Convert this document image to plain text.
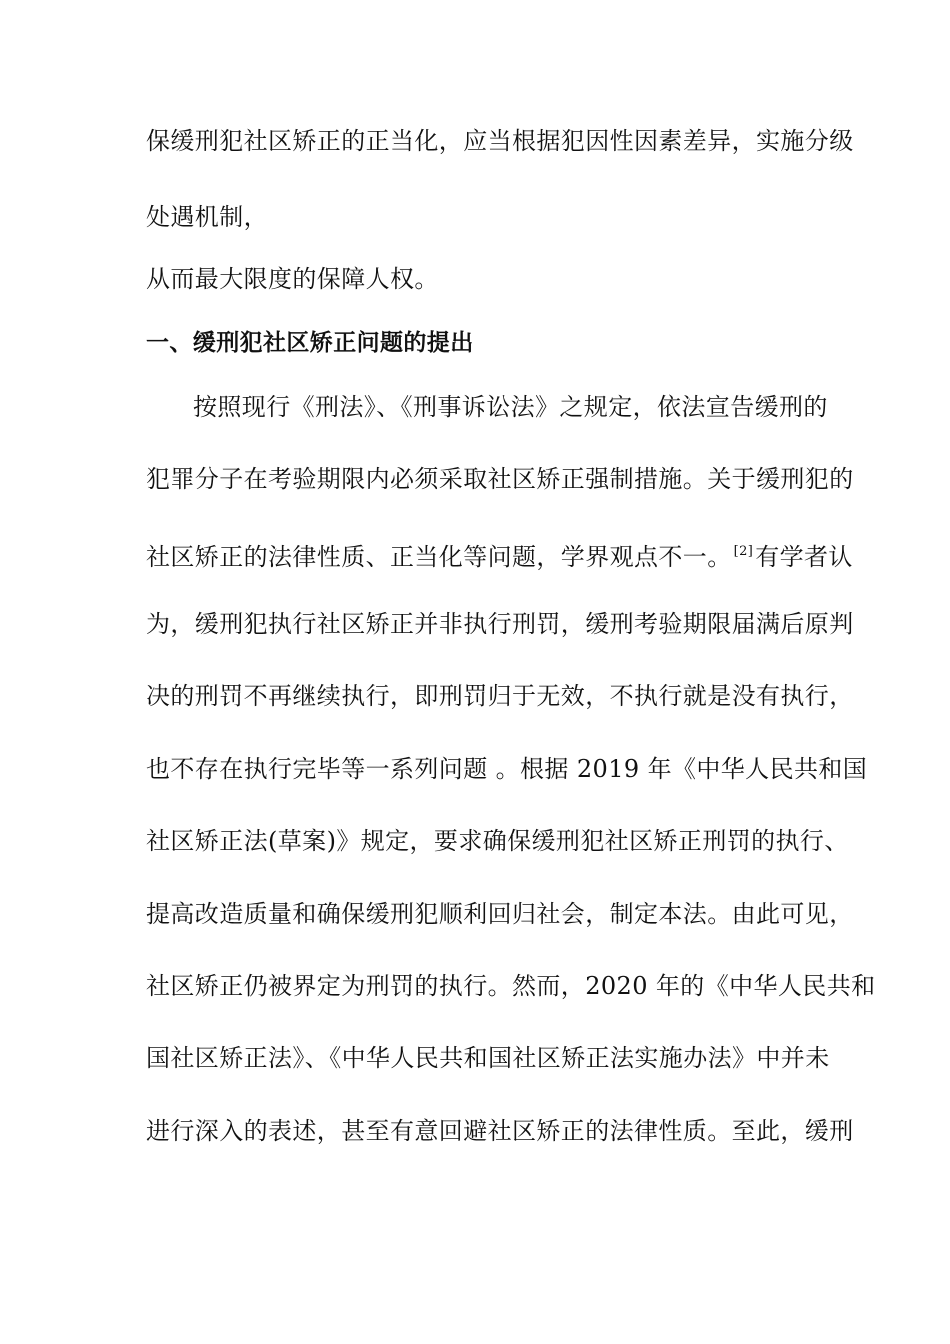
保缓刑犯社区矫正的正当化，应当根据犯因性因素差异，实施分级
处遇机制，
从而最大限度的保障人权。
一、缓刑犯社区矫正问题的提出
按照现行《刑法》、《刑事诉讼法》之规定，依法宣告缓刑的
犯罪分子在考验期限内必须采取社区矫正强制措施。关于缓刑犯的
社区矫正的法律性质、正当化等问题，学界观点不一。 [2]有学者认
为，缓刑犯执行社区矫正并非执行刑罚，缓刑考验期限届满后原判
决的刑罚不再继续执行，即刑罚归于无效，不执行就是没有执行，
也不存在执行完毕等一系列问题 。根据 2019 年《中华人民共和国
社区矫正法(草案)》规定，要求确保缓刑犯社区矫正刑罚的执行、
提高改造质量和确保缓刑犯顺利回归社会，制定本法。由此可见，
社区矫正仍被界定为刑罚的执行。然而，2020 年的《中华人民共和
国社区矫正法》、《中华人民共和国社区矫正法实施办法》中并未
进行深入的表述，甚至有意回避社区矫正的法律性质。至此，缓刑
